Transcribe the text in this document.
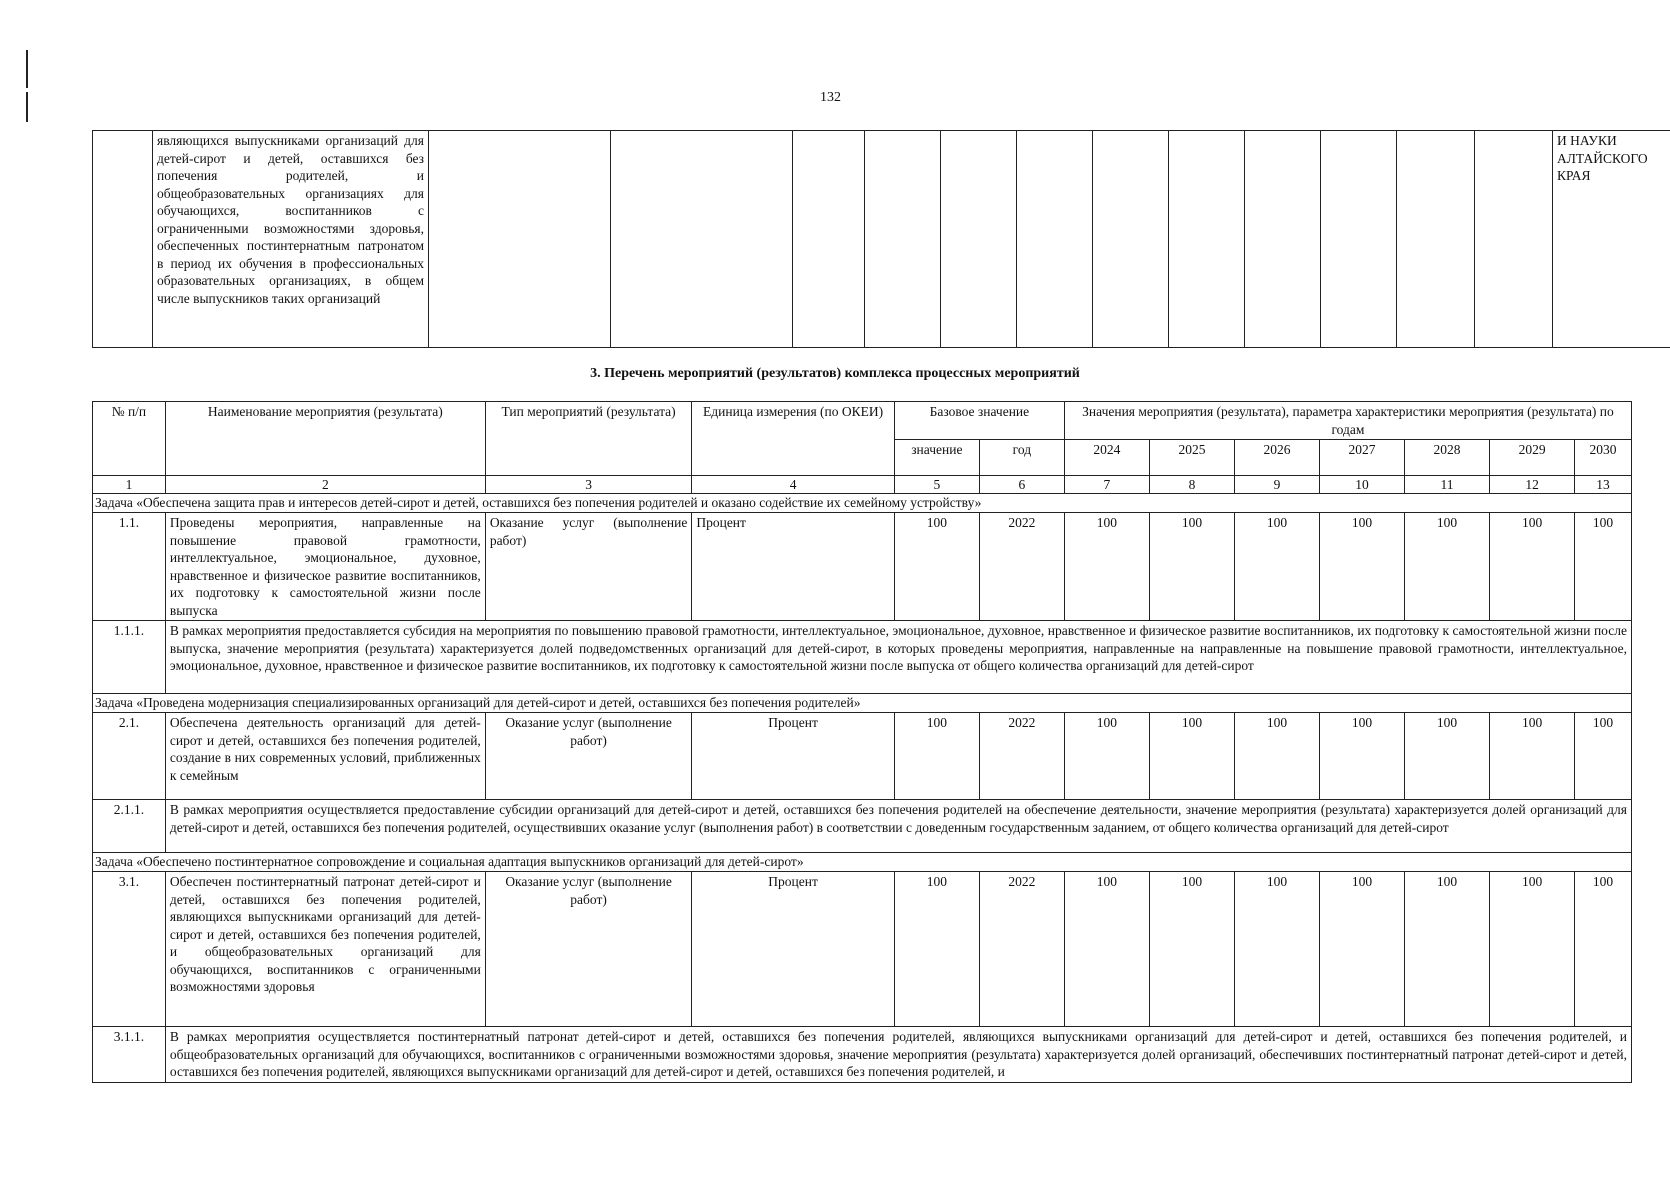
132
	являющихся выпускниками организаций для детей-сирот и детей, оставшихся без попечения родителей, и общеобразовательных организациях для обучающихся, воспитанников с ограниченными возможностями здоровья, обеспеченных постинтернатным патронатом в период их обучения в профессиональных образовательных организациях, в общем числе выпускников таких организаций													И НАУКИ АЛТАЙСКОГО КРАЯ
3. Перечень мероприятий (результатов) комплекса процессных мероприятий
№ п/п	Наименование мероприятия (результата)	Тип мероприятий (результата)	Единица измерения (по ОКЕИ)	Базовое значение		Значения мероприятия (результата), параметра характеристики мероприятия (результата) по годам						
				значение	год	2024	2025	2026	2027	2028	2029	2030
1	2	3	4	5	6	7	8	9	10	11	12	13
Задача «Обеспечена защита прав и интересов детей-сирот и детей, оставшихся без попечения родителей и оказано содействие их семейному устройству»												
1.1.	Проведены мероприятия, направленные на повышение правовой грамотности, интеллектуальное, эмоциональное, духовное, нравственное и физическое развитие воспитанников, их подготовку к самостоятельной жизни после выпуска	Оказание услуг (выполнение работ)	Процент	100	2022	100	100	100	100	100	100	100
1.1.1.	В рамках мероприятия предоставляется субсидия на мероприятия по повышению правовой грамотности, интеллектуальное, эмоциональное, духовное, нравственное и физическое развитие воспитанников, их подготовку к самостоятельной жизни после выпуска, значение мероприятия (результата) характеризуется долей подведомственных организаций для детей-сирот, в которых проведены мероприятия, направленные на направленные на повышение правовой грамотности, интеллектуальное, эмоциональное, духовное, нравственное и физическое развитие воспитанников, их подготовку к самостоятельной жизни после выпуска от общего количества организаций для детей-сирот											
Задача «Проведена модернизация специализированных организаций для детей-сирот и детей, оставшихся без попечения родителей»												
2.1.	Обеспечена деятельность организаций для детей-сирот и детей, оставшихся без попечения родителей, создание в них современных условий, приближенных к семейным	Оказание услуг (выполнение работ)	Процент	100	2022	100	100	100	100	100	100	100
2.1.1.	В рамках мероприятия осуществляется предоставление субсидии организаций для детей-сирот и детей, оставшихся без попечения родителей на обеспечение деятельности, значение мероприятия (результата) характеризуется долей организаций для детей-сирот и детей, оставшихся без попечения родителей, осуществивших оказание услуг (выполнения работ) в соответствии с доведенным государственным заданием, от общего количества организаций для детей-сирот											
Задача «Обеспечено постинтернатное сопровождение и социальная адаптация выпускников организаций для детей-сирот»												
3.1.	Обеспечен постинтернатный патронат детей-сирот и детей, оставшихся без попечения родителей, являющихся выпускниками организаций для детей-сирот и детей, оставшихся без попечения родителей, и общеобразовательных организаций для обучающихся, воспитанников с ограниченными возможностями здоровья	Оказание услуг (выполнение работ)	Процент	100	2022	100	100	100	100	100	100	100
3.1.1.	В рамках мероприятия осуществляется постинтернатный патронат детей-сирот и детей, оставшихся без попечения родителей, являющихся выпускниками организаций для детей-сирот и детей, оставшихся без попечения родителей, и общеобразовательных организаций для обучающихся, воспитанников с ограниченными возможностями здоровья, значение мероприятия (результата) характеризуется долей организаций, обеспечивших постинтернатный патронат детей-сирот и детей, оставшихся без попечения родителей, являющихся выпускниками организаций для детей-сирот и детей, оставшихся без попечения родителей, и											
